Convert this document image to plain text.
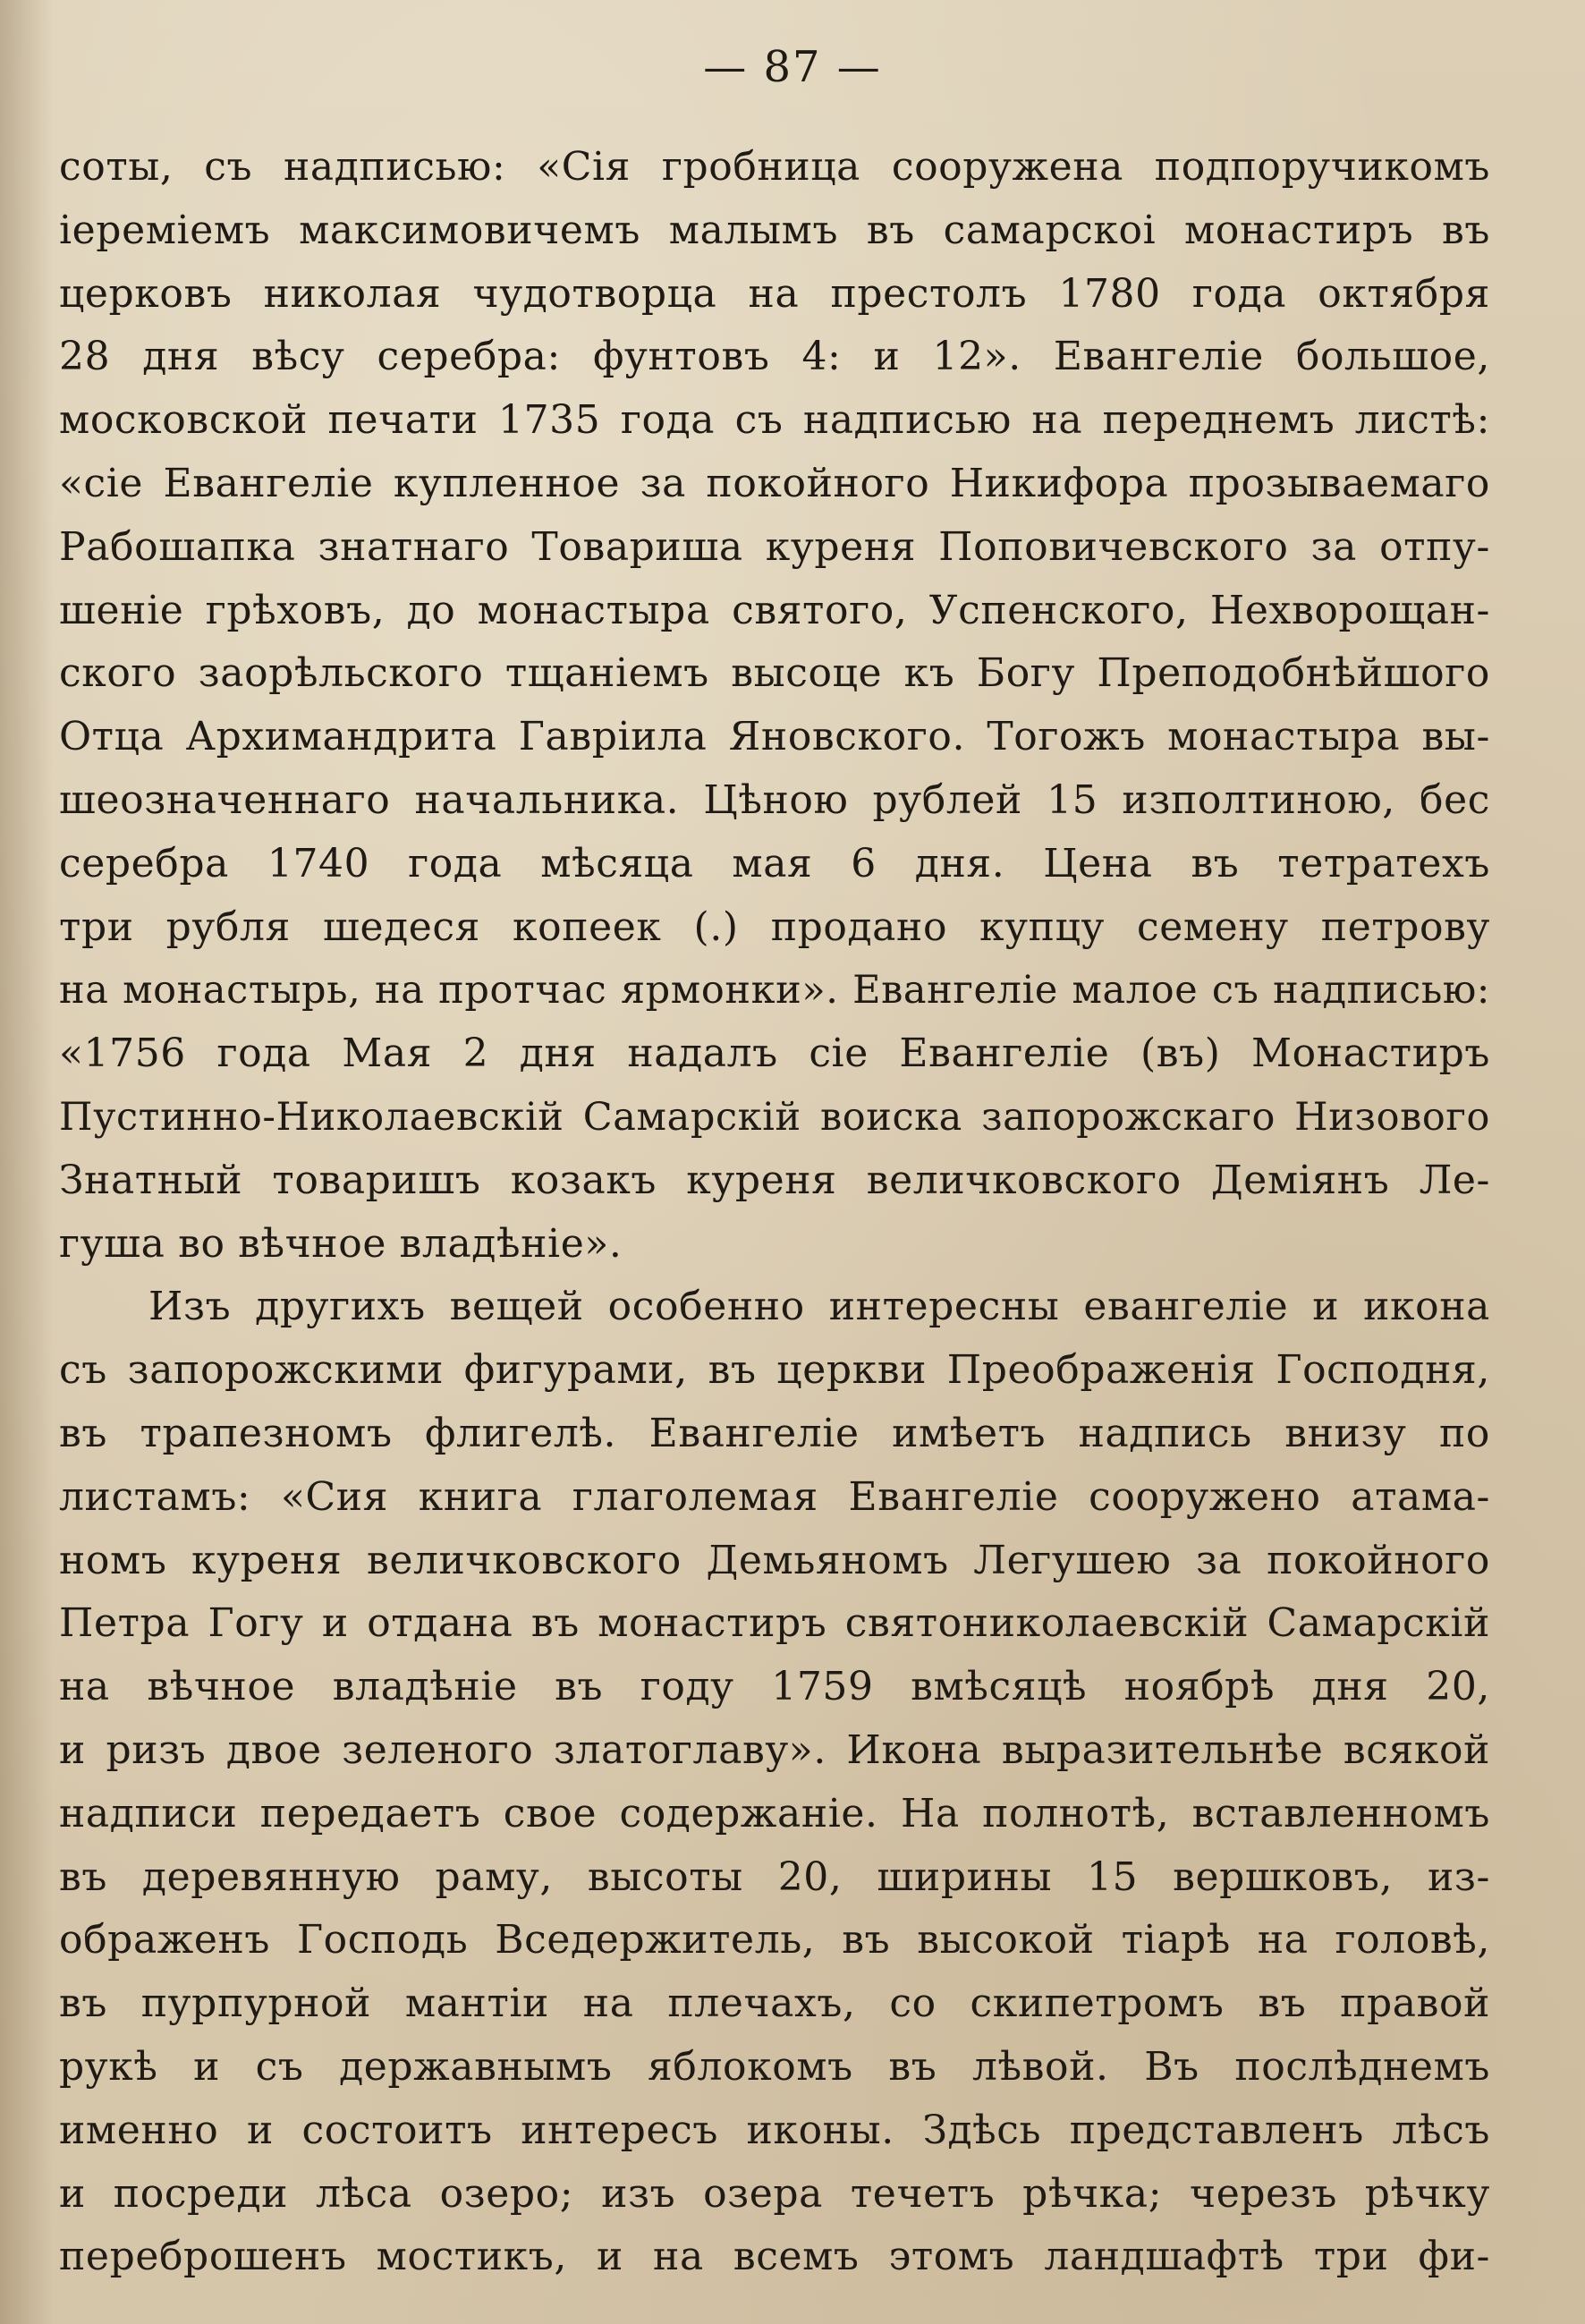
— 87 —
соты, съ надписью: «Сія гробница сооружена подпоручикомъ
іереміемъ максимовичемъ малымъ въ самарскоі монастиръ въ
церковъ николая чудотворца на престолъ 1780 года октября
28 дня вѣсу серебра: фунтовъ 4: и 12». Евангеліе большое,
московской печати 1735 года съ надписью на переднемъ листѣ:
«сіе Евангеліе купленное за покойного Никифора прозываемаго
Рабошапка знатнаго Товариша куреня Поповичевского за отпу-
шеніе грѣховъ, до монастыра святого, Успенского, Нехворощан-
ского заорѣльского тщаніемъ высоце къ Богу Преподобнѣйшого
Отца Архимандрита Гавріила Яновского. Тогожъ монастыра вы-
шеозначеннаго начальника. Цѣною рублей 15 изполтиною, бес
серебра 1740 года мѣсяца мая 6 дня. Цена въ тетратехъ
три рубля шедеся копеек (.) продано купцу семену петрову
на монастырь, на протчас ярмонки». Евангеліе малое съ надписью:
«1756 года Мая 2 дня надалъ сіе Евангеліе (въ) Монастиръ
Пустинно-Николаевскій Самарскій воиска запорожскаго Низового
Знатный товаришъ козакъ куреня величковского Деміянъ Ле-
гуша во вѣчное владѣніе».
Изъ другихъ вещей особенно интересны евангеліе и икона
съ запорожскими фигурами, въ церкви Преображенія Господня,
въ трапезномъ флигелѣ. Евангеліе имѣетъ надпись внизу по
листамъ: «Сия книга глаголемая Евангеліе сооружено атама-
номъ куреня величковского Демьяномъ Легушею за покойного
Петра Гогу и отдана въ монастиръ святониколаевскій Самарскій
на вѣчное владѣніе въ году 1759 вмѣсяцѣ ноябрѣ дня 20,
и ризъ двое зеленого златоглаву». Икона выразительнѣе всякой
надписи передаетъ свое содержаніе. На полнотѣ, вставленномъ
въ деревянную раму, высоты 20, ширины 15 вершковъ, из-
ображенъ Господь Вседержитель, въ высокой тіарѣ на головѣ,
въ пурпурной мантіи на плечахъ, со скипетромъ въ правой
рукѣ и съ державнымъ яблокомъ въ лѣвой. Въ послѣднемъ
именно и состоитъ интересъ иконы. Здѣсь представленъ лѣсъ
и посреди лѣса озеро; изъ озера течетъ рѣчка; черезъ рѣчку
переброшенъ мостикъ, и на всемъ этомъ ландшафтѣ три фи-
